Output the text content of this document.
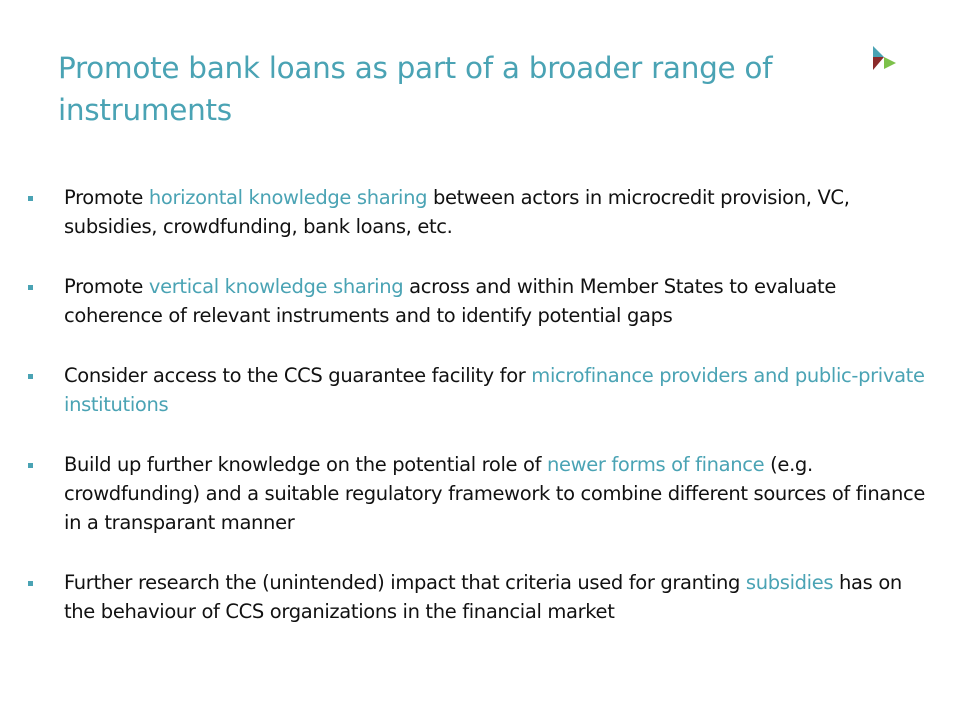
Promote bank loans as part of a broader range of instruments
Promote horizontal knowledge sharing between actors in microcredit provision, VC, subsidies, crowdfunding, bank loans, etc.
Promote vertical knowledge sharing across and within Member States to evaluate coherence of relevant instruments and to identify potential gaps
Consider access to the CCS guarantee facility for microfinance providers and public-private institutions
Build up further knowledge on the potential role of newer forms of finance (e.g. crowdfunding) and a suitable regulatory framework to combine different sources of finance in a transparant manner
Further research the (unintended) impact that criteria used for granting subsidies has on the behaviour of CCS organizations in the financial market
